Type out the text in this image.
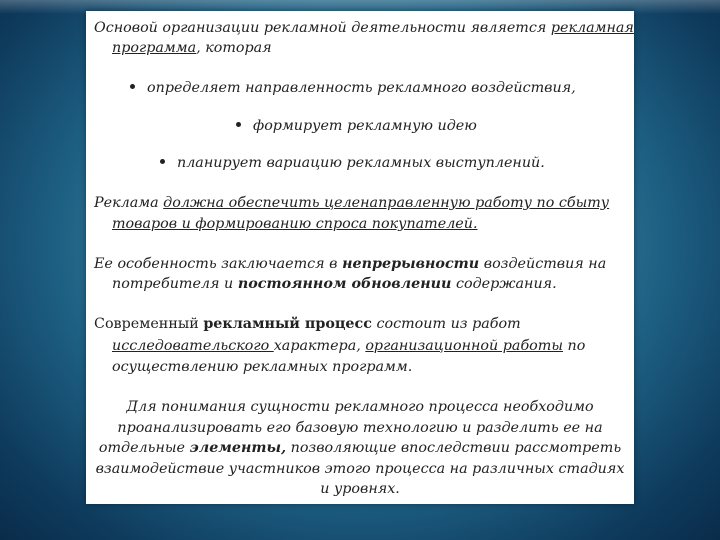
Основой организации рекламной деятельности является рекламная
программа, которая
определяет направленность рекламного воздействия,
формирует рекламную идею
планирует вариацию рекламных выступлений.
Реклама должна обеспечить целенаправленную работу по сбыту
товаров и формированию спроса покупателей.
Ее особенность заключается в непрерывности воздействия на
потребителя и постоянном обновлении содержания.
Современный рекламный процесс состоит из работ
исследовательского характера, организационной работы по
осуществлению рекламных программ.
Для понимания сущности рекламного процесса необходимо
проанализировать его базовую технологию и разделить ее на
отдельные элементы, позволяющие впоследствии рассмотреть
взаимодействие участников этого процесса на различных стадиях
и уровнях.
